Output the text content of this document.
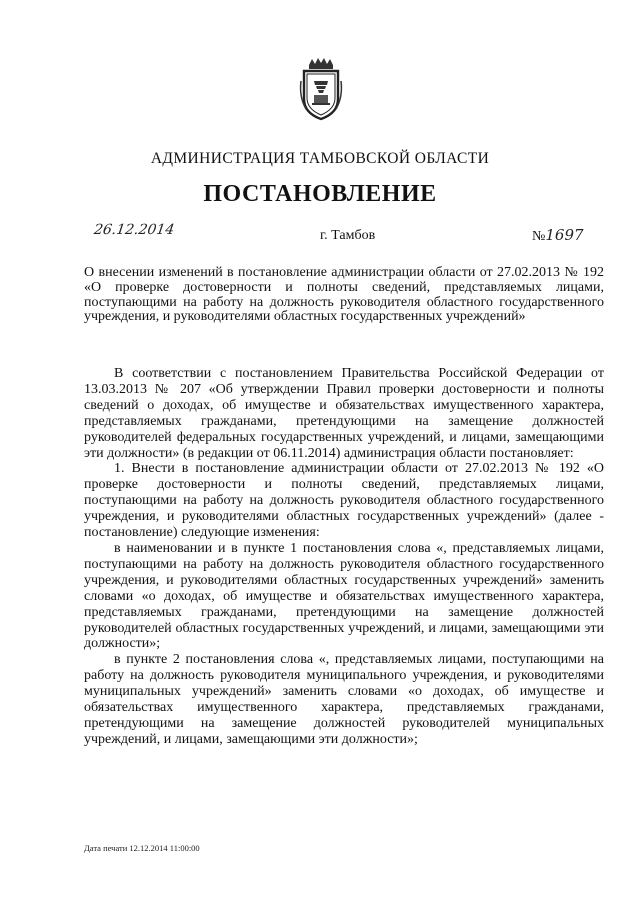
АДМИНИСТРАЦИЯ ТАМБОВСКОЙ ОБЛАСТИ
ПОСТАНОВЛЕНИЕ
26.12.2014	г. Тамбов	№1697
О внесении изменений в постановление администрации области от 27.02.2013 № 192 «О проверке достоверности и полноты сведений, представляемых лицами, поступающими на работу на должность руководителя областного государственного учреждения, и руководителями областных государственных учреждений»

В соответствии с постановлением Правительства Российской Федерации от 13.03.2013 № 207 «Об утверждении Правил проверки достоверности и полноты сведений о доходах, об имуществе и обязательствах имущественного характера, представляемых гражданами, претендующими на замещение должностей руководителей федеральных государственных учреждений, и лицами, замещающими эти должности» (в редакции от 06.11.2014) администрация области постановляет:

1. Внести в постановление администрации области от 27.02.2013 № 192 «О проверке достоверности и полноты сведений, представляемых лицами, поступающими на работу на должность руководителя областного государственного учреждения, и руководителями областных государственных учреждений» (далее - постановление) следующие изменения:

в наименовании и в пункте 1 постановления слова «, представляемых лицами, поступающими на работу на должность руководителя областного государственного учреждения, и руководителями областных государственных учреждений» заменить словами «о доходах, об имуществе и обязательствах имущественного характера, представляемых гражданами, претендующими на замещение должностей руководителей областных государственных учреждений, и лицами, замещающими эти должности»;

в пункте 2 постановления слова «, представляемых лицами, поступающими на работу на должность руководителя муниципального учреждения, и руководителями муниципальных учреждений» заменить словами «о доходах, об имуществе и обязательствах имущественного характера, представляемых гражданами, претендующими на замещение должностей руководителей муниципальных учреждений, и лицами, замещающими эти должности»;

Дата печати 12.12.2014 11:00:00
